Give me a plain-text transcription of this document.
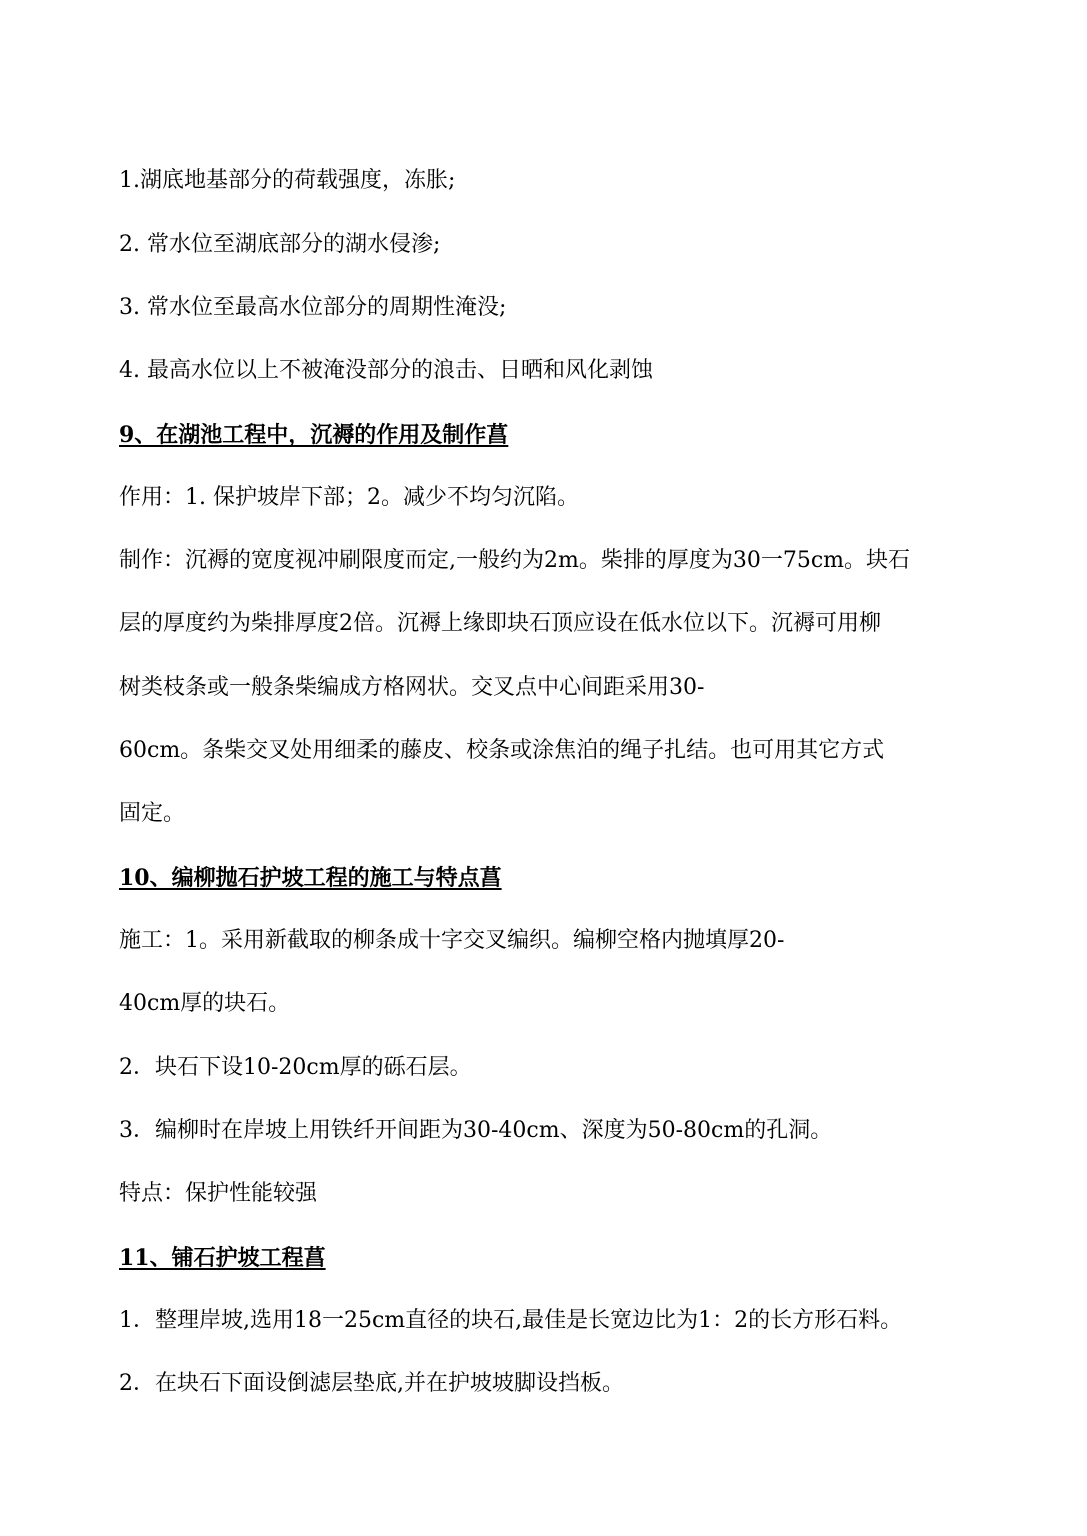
1.湖底地基部分的荷载强度，冻胀;

2. 常水位至湖底部分的湖水侵渗;

3. 常水位至最高水位部分的周期性淹没;

4. 最高水位以上不被淹没部分的浪击、日晒和风化剥蚀

9、在湖池工程中，沉褥的作用及制作菖

作用：1. 保护坡岸下部；2。减少不均匀沉陷。

制作：沉褥的宽度视冲刷限度而定,一般约为2m。柴排的厚度为30一75cm。块石

层的厚度约为柴排厚度2倍。沉褥上缘即块石顶应设在低水位以下。沉褥可用柳

树类枝条或一般条柴编成方格网状。交叉点中心间距采用30-

60cm。条柴交叉处用细柔的藤皮、校条或涂焦泊的绳子扎结。也可用其它方式

固定。

10、编柳抛石护坡工程的施工与特点菖

施工：1。采用新截取的柳条成十字交叉编织。编柳空格内抛填厚20-

40cm厚的块石。

2．块石下设10-20cm厚的砾石层。

3．编柳时在岸坡上用铁纤开间距为30-40cm、深度为50-80cm的孔洞。

特点：保护性能较强

11、铺石护坡工程菖

1．整理岸坡,选用18一25cm直径的块石,最佳是长宽边比为1：2的长方形石料。

2．在块石下面设倒滤层垫底,并在护坡坡脚设挡板。
